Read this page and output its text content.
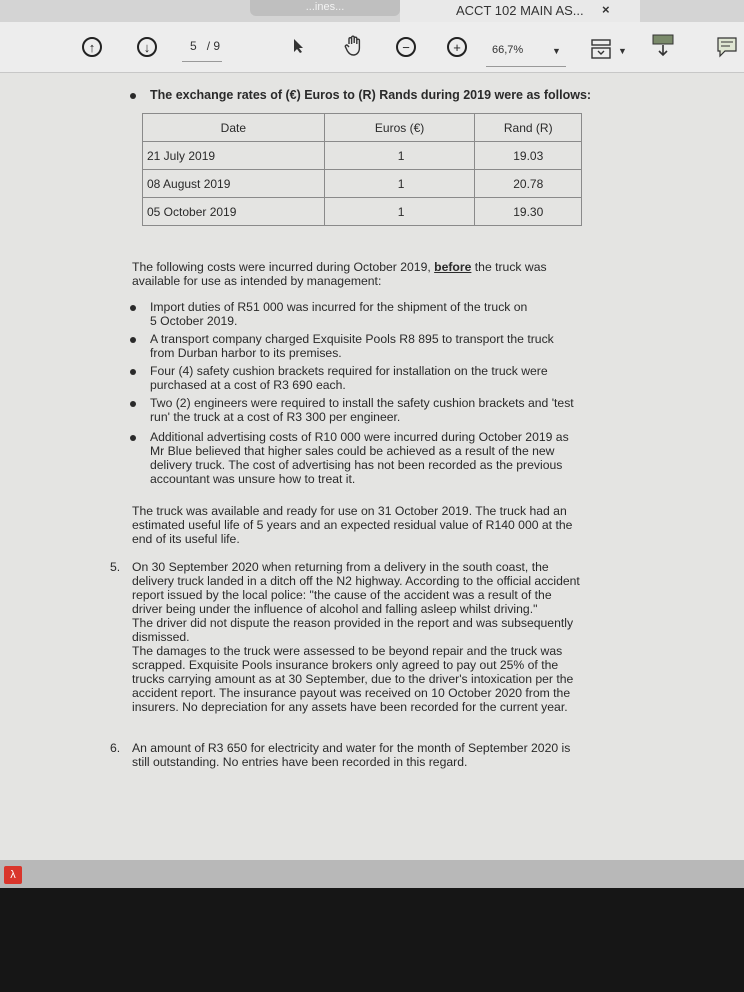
...ines...	ACCT 102 MAIN AS... ×
↑	↓	5 / 9	−	+	66,7%	▼	▼
The exchange rates of (€) Euros to (R) Rands during 2019 were as follows:
Date	Euros (€)	Rand (R)
21 July 2019	1	19.03
08 August 2019	1	20.78
05 October 2019	1	19.30
The following costs were incurred during October 2019, before the truck was
available for use as intended by management:
Import duties of R51 000 was incurred for the shipment of the truck on
5 October 2019.
A transport company charged Exquisite Pools R8 895 to transport the truck
from Durban harbor to its premises.
Four (4) safety cushion brackets required for installation on the truck were
purchased at a cost of R3 690 each.
Two (2) engineers were required to install the safety cushion brackets and 'test
run' the truck at a cost of R3 300 per engineer.
Additional advertising costs of R10 000 were incurred during October 2019 as
Mr Blue believed that higher sales could be achieved as a result of the new
delivery truck. The cost of advertising has not been recorded as the previous
accountant was unsure how to treat it.
The truck was available and ready for use on 31 October 2019. The truck had an
estimated useful life of 5 years and an expected residual value of R140 000 at the
end of its useful life.
5. On 30 September 2020 when returning from a delivery in the south coast, the
delivery truck landed in a ditch off the N2 highway. According to the official accident
report issued by the local police: "the cause of the accident was a result of the
driver being under the influence of alcohol and falling asleep whilst driving."
The driver did not dispute the reason provided in the report and was subsequently
dismissed.
The damages to the truck were assessed to be beyond repair and the truck was
scrapped. Exquisite Pools insurance brokers only agreed to pay out 25% of the
trucks carrying amount as at 30 September, due to the driver's intoxication per the
accident report. The insurance payout was received on 10 October 2020 from the
insurers. No depreciation for any assets have been recorded for the current year.
6. An amount of R3 650 for electricity and water for the month of September 2020 is
still outstanding. No entries have been recorded in this regard.
λ
